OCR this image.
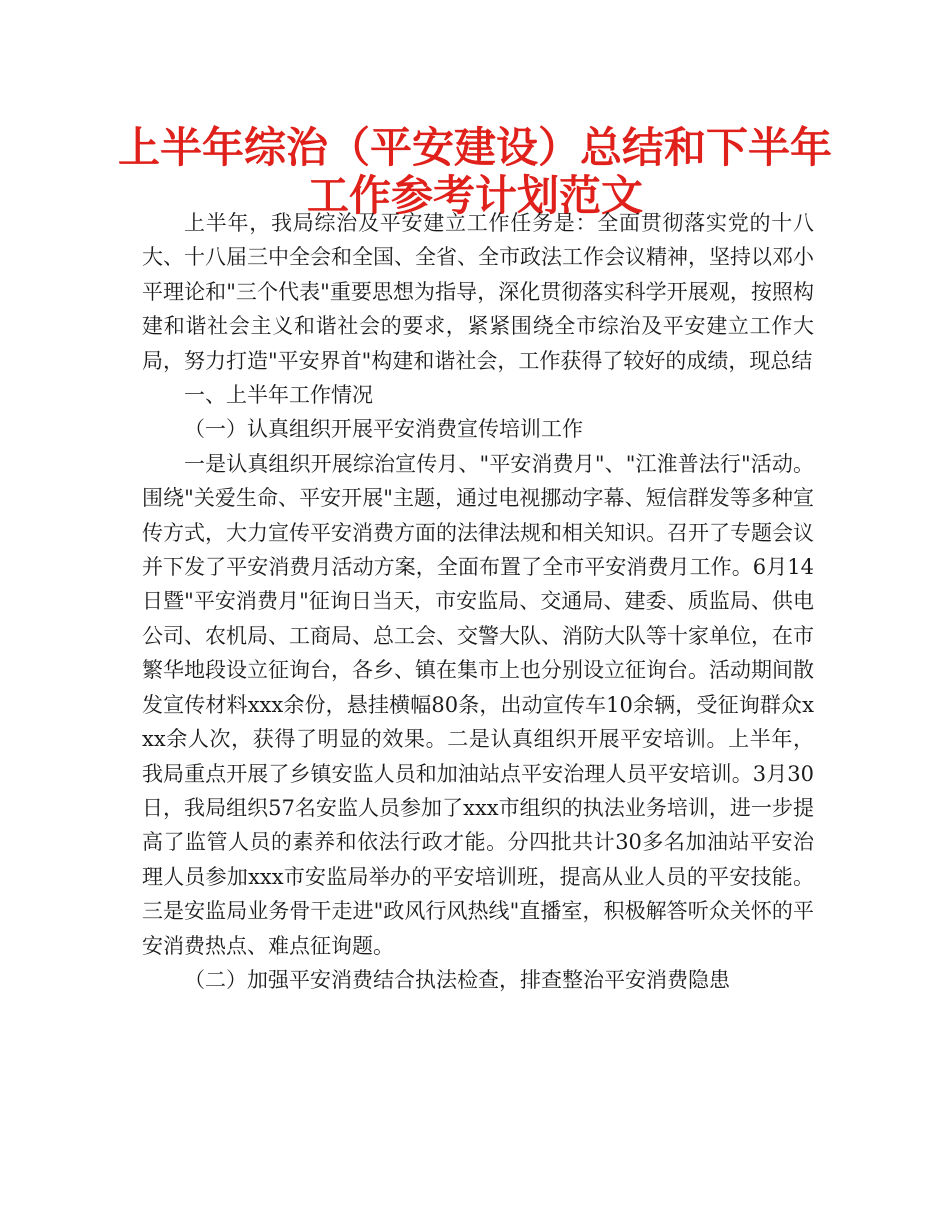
上半年综治（平安建设）总结和下半年工作参考计划范文

上半年，我局综治及平安建立工作任务是：全面贯彻落实党的十八大、十八届三中全会和全国、全省、全市政法工作会议精神，坚持以邓小平理论和"三个代表"重要思想为指导，深化贯彻落实科学开展观，按照构建和谐社会主义和谐社会的要求，紧紧围绕全市综治及平安建立工作大局，努力打造"平安界首"构建和谐社会，工作获得了较好的成绩，现总结

一、上半年工作情况

（一）认真组织开展平安消费宣传培训工作

一是认真组织开展综治宣传月、"平安消费月"、"江淮普法行"活动。围绕"关爱生命、平安开展"主题，通过电视挪动字幕、短信群发等多种宣传方式，大力宣传平安消费方面的法律法规和相关知识。召开了专题会议并下发了平安消费月活动方案，全面布置了全市平安消费月工作。6月14日暨"平安消费月"征询日当天，市安监局、交通局、建委、质监局、供电公司、农机局、工商局、总工会、交警大队、消防大队等十家单位，在市繁华地段设立征询台，各乡、镇在集市上也分别设立征询台。活动期间散发宣传材料xxx余份，悬挂横幅80条，出动宣传车10余辆，受征询群众xxx余人次，获得了明显的效果。二是认真组织开展平安培训。上半年，我局重点开展了乡镇安监人员和加油站点平安治理人员平安培训。3月30日，我局组织57名安监人员参加了xxx市组织的执法业务培训，进一步提高了监管人员的素养和依法行政才能。分四批共计30多名加油站平安治理人员参加xxx市安监局举办的平安培训班，提高从业人员的平安技能。三是安监局业务骨干走进"政风行风热线"直播室，积极解答听众关怀的平安消费热点、难点征询题。

（二）加强平安消费结合执法检查，排查整治平安消费隐患
